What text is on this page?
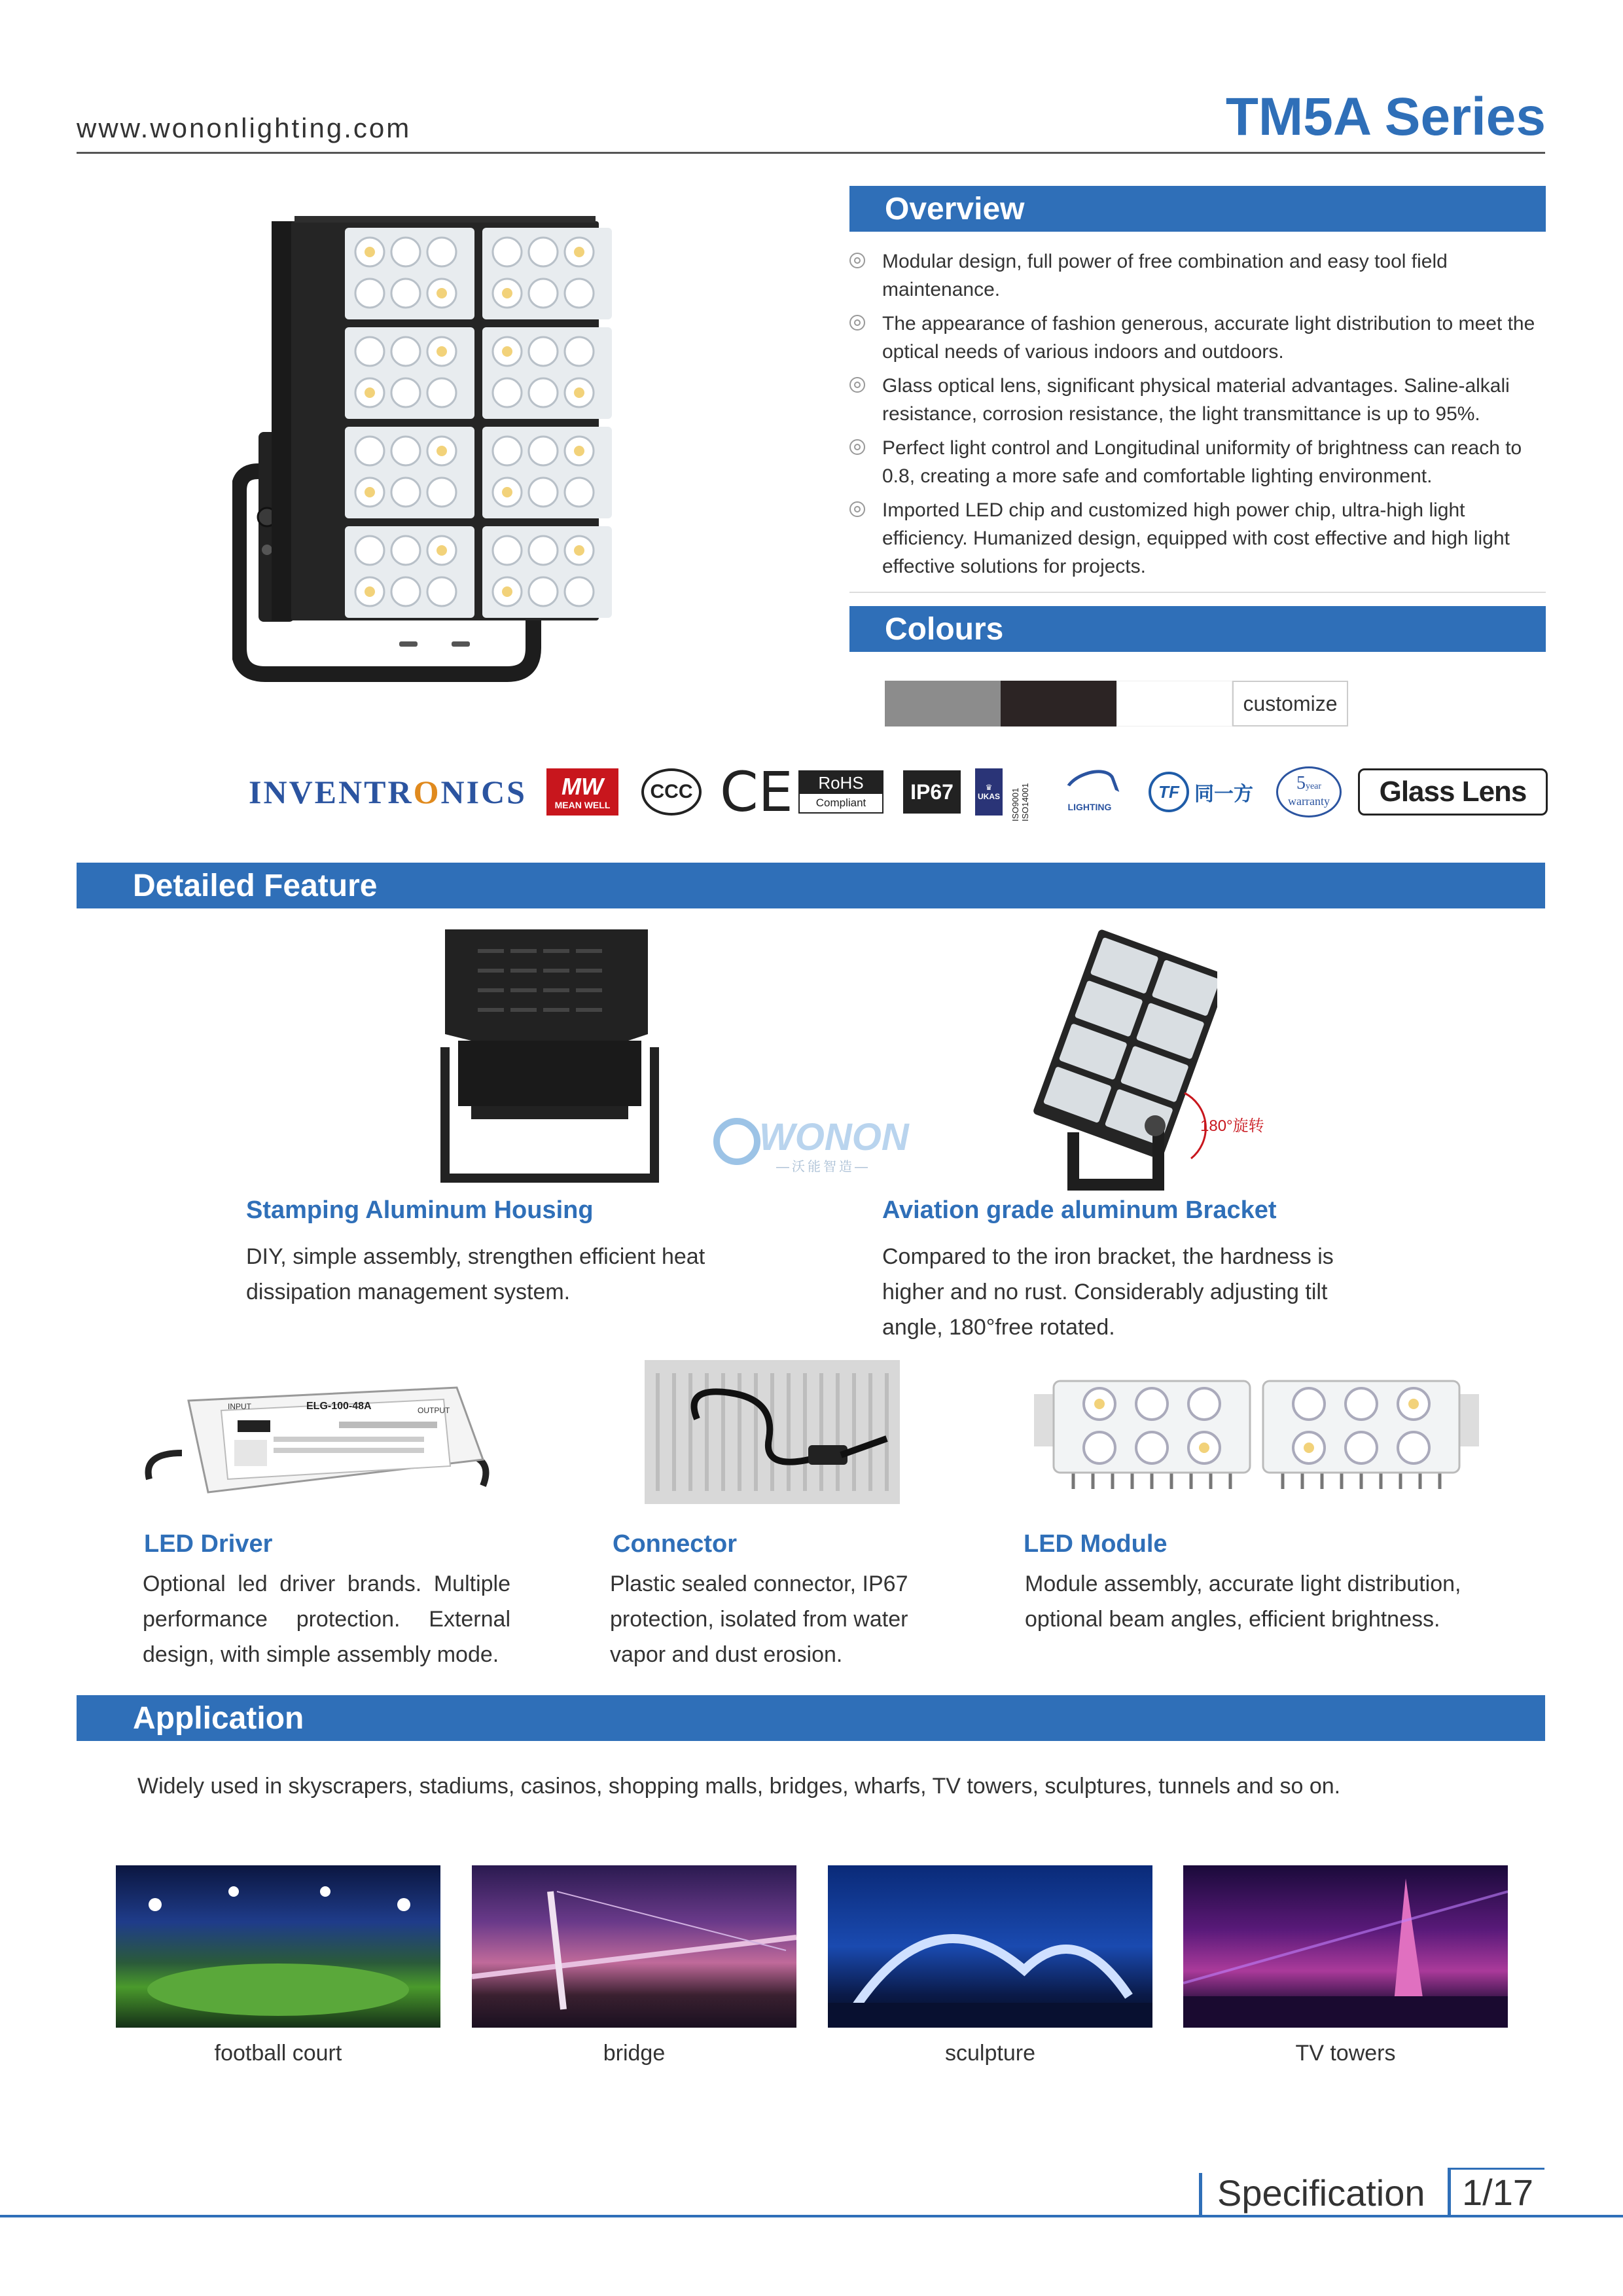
www.wononlighting.com	TM5A Series
Overview
Modular design, full power of free combination and easy tool field maintenance.
The appearance of fashion generous, accurate light distribution to meet the optical needs of various indoors and outdoors.
Glass optical lens, significant physical material advantages. Saline-alkali resistance, corrosion resistance, the light transmittance is up to 95%.
Perfect light control and Longitudinal uniformity of brightness can reach to 0.8, creating a more safe and comfortable lighting environment.
Imported LED chip and customized high power chip, ultra-high light efficiency. Humanized design, equipped with cost effective and high light effective solutions for projects.
Colours
customize
INVENTR O NICS MW
MEAN WELL
CCC CE	RoHS
Compliant	IP67	♛
UKAS	ISO9001 ISO14001	LIGHTING
TF 同一方
5year
warranty	Glass Lens
Detailed Feature
180°旋转
WONON
—沃能智造—
Stamping Aluminum Housing
DIY, simple assembly, strengthen efficient heat dissipation management system.
Aviation grade aluminum Bracket
Compared to the iron bracket, the hardness is higher and no rust. Considerably adjusting tilt angle, 180°free rotated.
INPUT	ELG-100-48A	OUTPUT
LED Driver
Optional led driver brands. Multiple performance protection. External design, with simple assembly mode.
Connector
Plastic sealed connector, IP67 protection, isolated from water vapor and dust erosion.
LED Module
Module assembly, accurate light distribution, optional beam angles, efficient brightness.
Application
Widely used in skyscrapers, stadiums, casinos, shopping malls, bridges, wharfs, TV towers, sculptures, tunnels and so on.
football court	bridge	sculpture	TV towers
Specification	1/17
